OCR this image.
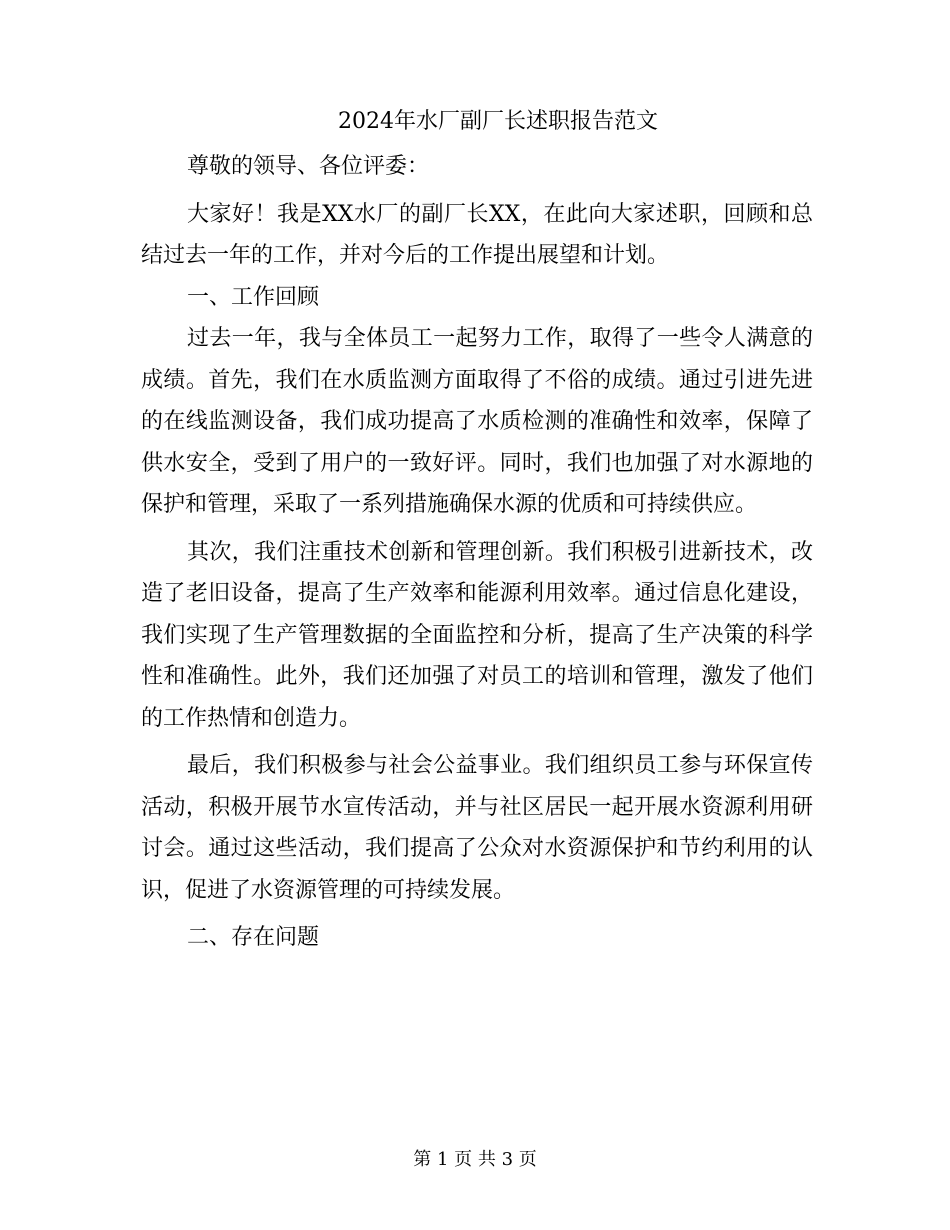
2024年水厂副厂长述职报告范文

尊敬的领导、各位评委：

大家好！我是XX水厂的副厂长XX，在此向大家述职，回顾和总结过去一年的工作，并对今后的工作提出展望和计划。

一、工作回顾

过去一年，我与全体员工一起努力工作，取得了一些令人满意的成绩。首先，我们在水质监测方面取得了不俗的成绩。通过引进先进的在线监测设备，我们成功提高了水质检测的准确性和效率，保障了供水安全，受到了用户的一致好评。同时，我们也加强了对水源地的保护和管理，采取了一系列措施确保水源的优质和可持续供应。

其次，我们注重技术创新和管理创新。我们积极引进新技术，改造了老旧设备，提高了生产效率和能源利用效率。通过信息化建设，我们实现了生产管理数据的全面监控和分析，提高了生产决策的科学性和准确性。此外，我们还加强了对员工的培训和管理，激发了他们的工作热情和创造力。

最后，我们积极参与社会公益事业。我们组织员工参与环保宣传活动，积极开展节水宣传活动，并与社区居民一起开展水资源利用研讨会。通过这些活动，我们提高了公众对水资源保护和节约利用的认识，促进了水资源管理的可持续发展。

二、存在问题

第 1 页 共 3 页
